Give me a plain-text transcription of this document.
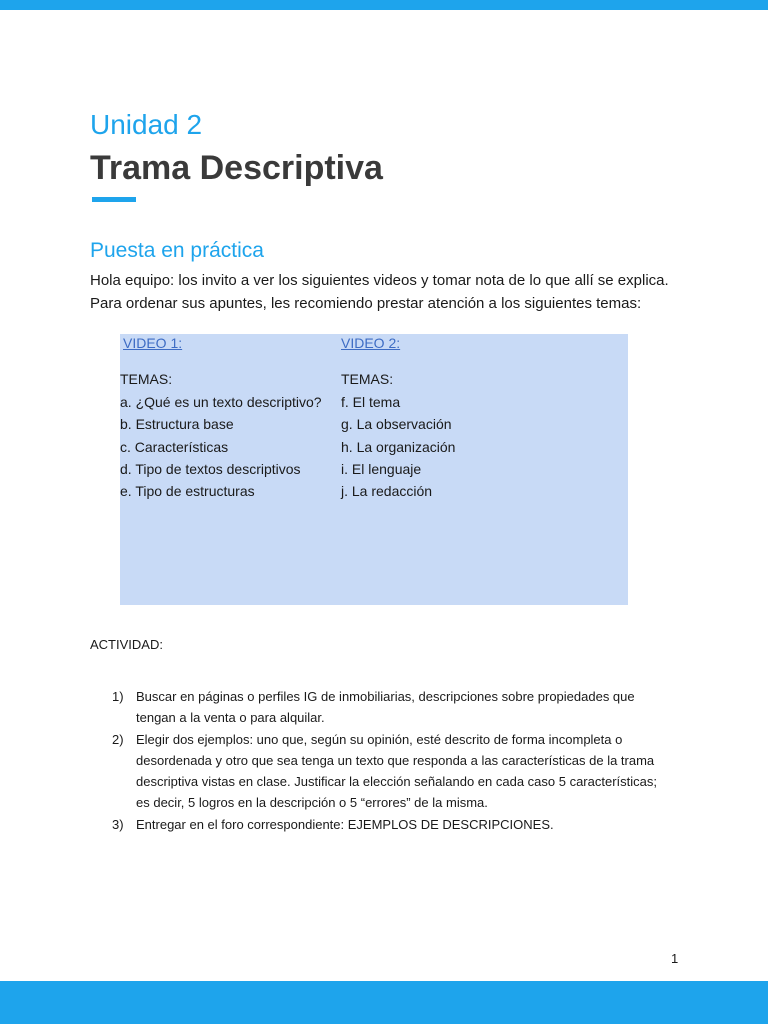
Unidad 2
Trama Descriptiva
Puesta en práctica

Hola equipo: los invito a ver los siguientes videos y tomar nota de lo que allí se explica.

Para ordenar sus apuntes, les recomiendo prestar atención a los siguientes temas:

VIDEO 1:
TEMAS:
a. ¿Qué es un texto descriptivo?
b. Estructura base
c. Características
d. Tipo de textos descriptivos
e. Tipo de estructuras
VIDEO 2:
TEMAS:
f. El tema
g. La observación
h. La organización
i. El lenguaje
j. La redacción
ACTIVIDAD:
1) Buscar en páginas o perfiles IG de inmobiliarias, descripciones sobre propiedades que
tengan a la venta o para alquilar.
2) Elegir dos ejemplos: uno que, según su opinión, esté descrito de forma incompleta o
desordenada y otro que sea tenga un texto que responda a las características de la trama
descriptiva vistas en clase. Justificar la elección señalando en cada caso 5 características;
es decir, 5 logros en la descripción o 5 “errores” de la misma.
3) Entregar en el foro correspondiente: EJEMPLOS DE DESCRIPCIONES.
1
